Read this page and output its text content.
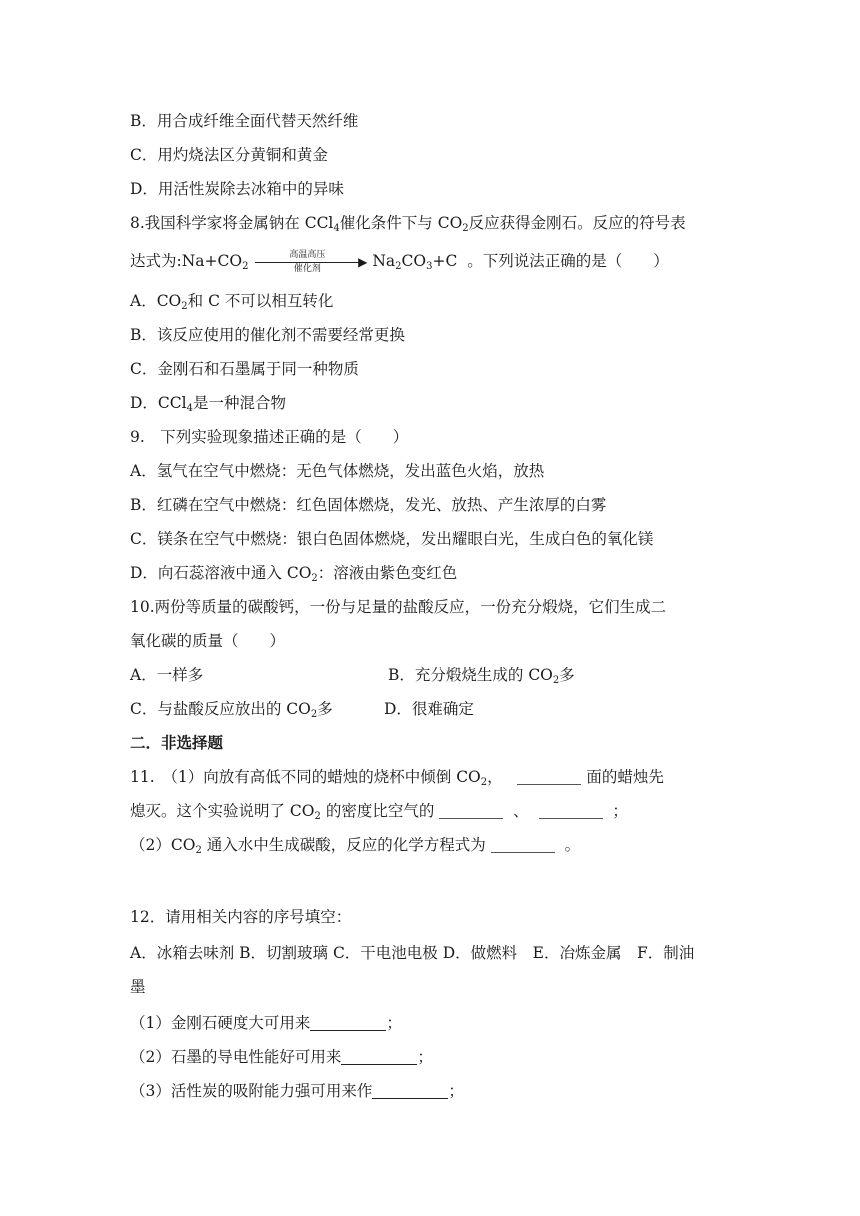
B．用合成纤维全面代替天然纤维
C．用灼烧法区分黄铜和黄金
D．用活性炭除去冰箱中的异味
8.我国科学家将金属钠在 CCl$_4$催化条件下与 $CO_2$反应获得金刚石。反应的符号表
达式为$:Na+CO_2$
高温高压	▶
催化剂	$Na_2CO_3+C$ 。下列说法正确的是（　　）
A．$CO_2$和 C 不可以相互转化
B．该反应使用的催化剂不需要经常更换
C．金刚石和石墨属于同一种物质
D．CCl$_4$是一种混合物
9.　下列实验现象描述正确的是（　　）
A．氢气在空气中燃烧：无色气体燃烧，发出蓝色火焰，放热
B．红磷在空气中燃烧：红色固体燃烧，发光、放热、产生浓厚的白雾
C．镁条在空气中燃烧：银白色固体燃烧，发出耀眼白光，生成白色的氧化镁
D．向石蕊溶液中通入 $CO_2$：溶液由紫色变红色
10.两份等质量的碳酸钙，一份与足量的盐酸反应，一份充分煅烧，它们生成二
氧化碳的质量（　　）
A．一样多	B．充分煅烧生成的 $CO_2$多
C．与盐酸反应放出的 $CO_2$多	D．很难确定
二．非选择题
11.　（1）向放有高低不同的蜡烛的烧杯中倾倒 $CO_2$，	面的蜡烛先
熄灭。这个实验说明了 $CO_2$ 的密度比空气的	、	；
$(2)CO_2$ 通入水中生成碳酸，反应的化学方程式为	。
12．请用相关内容的序号填空：
A．冰箱去味剂 B．切割玻璃 C．干电池电极 D．做燃料　E．冶炼金属　F．制油
墨
（1）金刚石硬度大可用来	；
（2）石墨的导电性能好可用来	；
（3）活性炭的吸附能力强可用来作	；
